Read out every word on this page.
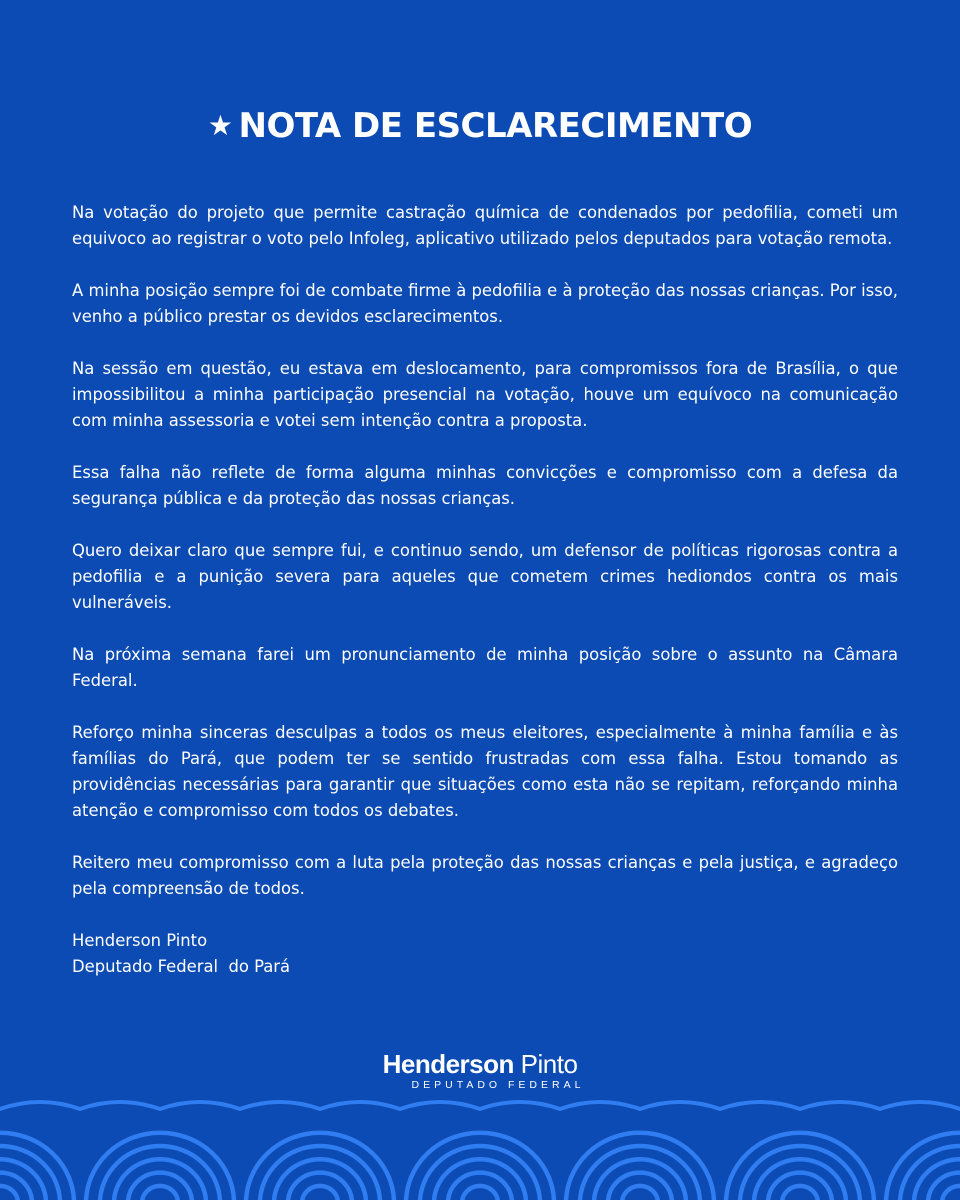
★ NOTA DE ESCLARECIMENTO

Na votação do projeto que permite castração química de condenados por pedofilia, cometi um equivoco ao registrar o voto pelo Infoleg, aplicativo utilizado pelos deputados para votação remota.

A minha posição sempre foi de combate firme à pedofilia e à proteção das nossas crianças. Por isso, venho a público prestar os devidos esclarecimentos.

Na sessão em questão, eu estava em deslocamento, para compromissos fora de Brasília, o que impossibilitou a minha participação presencial na votação, houve um equívoco na comunicação com minha assessoria e votei sem intenção contra a proposta.

Essa falha não reflete de forma alguma minhas convicções e compromisso com a defesa da segurança pública e da proteção das nossas crianças.

Quero deixar claro que sempre fui, e continuo sendo, um defensor de políticas rigorosas contra a pedofilia e a punição severa para aqueles que cometem crimes hediondos contra os mais vulneráveis.

Na próxima semana farei um pronunciamento de minha posição sobre o assunto na Câmara Federal.

Reforço minha sinceras desculpas a todos os meus eleitores, especialmente à minha família e às famílias do Pará, que podem ter se sentido frustradas com essa falha. Estou tomando as providências necessárias para garantir que situações como esta não se repitam, reforçando minha atenção e compromisso com todos os debates.

Reitero meu compromisso com a luta pela proteção das nossas crianças e pela justiça, e agradeço pela compreensão de todos.

Henderson Pinto
Deputado Federal  do Pará

Henderson Pinto
DEPUTADO FEDERAL
